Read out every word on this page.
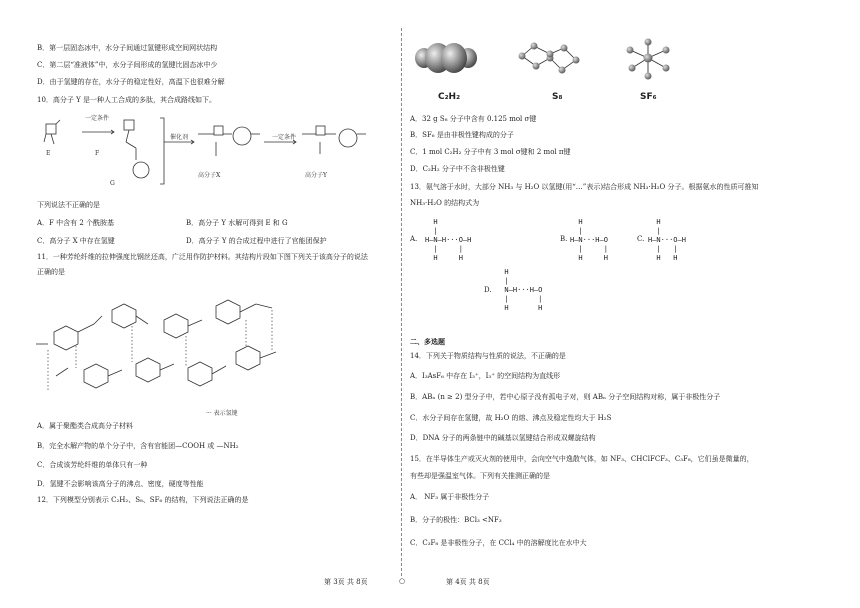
B．第一层固态冰中，水分子间通过氢键形成空间网状结构
C．第二层“准液体”中，水分子间形成的氢键比固态冰中少
D．由于氢键的存在，水分子的稳定性好，高温下也很难分解
10．高分子 Y 是一种人工合成的多肽，其合成路线如下。
一定条件
催化剂	一定条件
E	F
G
高分子X	高分子Y
下列说法不正确的是
A．F 中含有 2 个酰胺基	B．高分子 Y 水解可得到 E 和 G
C．高分子 X 中存在氢键	D．高分子 Y 的合成过程中进行了官能团保护
11．一种芳纶纤维的拉伸强度比钢丝还高，广泛用作防护材料。其结构片段如下图下列关于该高分子的说法
正确的是
··· 表示氢键
A．属于聚酯类合成高分子材料
B．完全水解产物的单个分子中，含有官能团—COOH 或 —NH₂
C．合成该芳纶纤维的单体只有一种
D．氢键不会影响该高分子的沸点、密度，硬度等性能
12．下列模型分别表示 C₂H₂、S₈、SF₆ 的结构，下列说法正确的是
C₂H₂	S₈	SF₆
A．32 g S₈ 分子中含有 0.125 mol σ键
B．SF₆ 是由非极性键构成的分子
C．1 mol C₂H₂ 分子中有 3 mol σ键和 2 mol π键
D．C₂H₂ 分子中不含非极性键
13．氨气溶于水时，大部分 NH₃ 与 H₂O 以氢键(用“…”表示)结合形成 NH₃·H₂O 分子。根据氨水的性质可推知
NH₃·H₂O 的结构式为
A.
H
|
H—N—H···O—H
|     |
H     H
B.
H
|
H—N···H—O
|     |
H     H
C.
H
|
H—N···O—H
|   |
H   H
D.
H
|
N—H···H—O
|       |
H       H
二、多选题
14．下列关于物质结构与性质的说法，不正确的是
A．I₃AsF₆ 中存在 I₃⁺，I₃⁺ 的空间结构为直线形
B．ABₙ (n ≥ 2) 型分子中，若中心原子没有孤电子对，则 ABₙ 分子空间结构对称，属于非极性分子
C．水分子间存在氢键，故 H₂O 的熔、沸点及稳定性均大于 H₂S
D．DNA 分子的两条链中的碱基以氢键结合形成双螺旋结构
15．在半导体生产或灭火剂的使用中，会向空气中逸散气体，如 NF₃、CHClFCF₃、C₃F₈，它们虽是微量的，
有些却是强温室气体。下列有关推测正确的是
A． NF₃ 属于非极性分子
B．分子的极性：BCl₃ <NF₃
C．C₃F₈ 是非极性分子，在 CCl₄ 中的溶解度比在水中大
第 3页 共 8页	○	第 4页 共 8页
